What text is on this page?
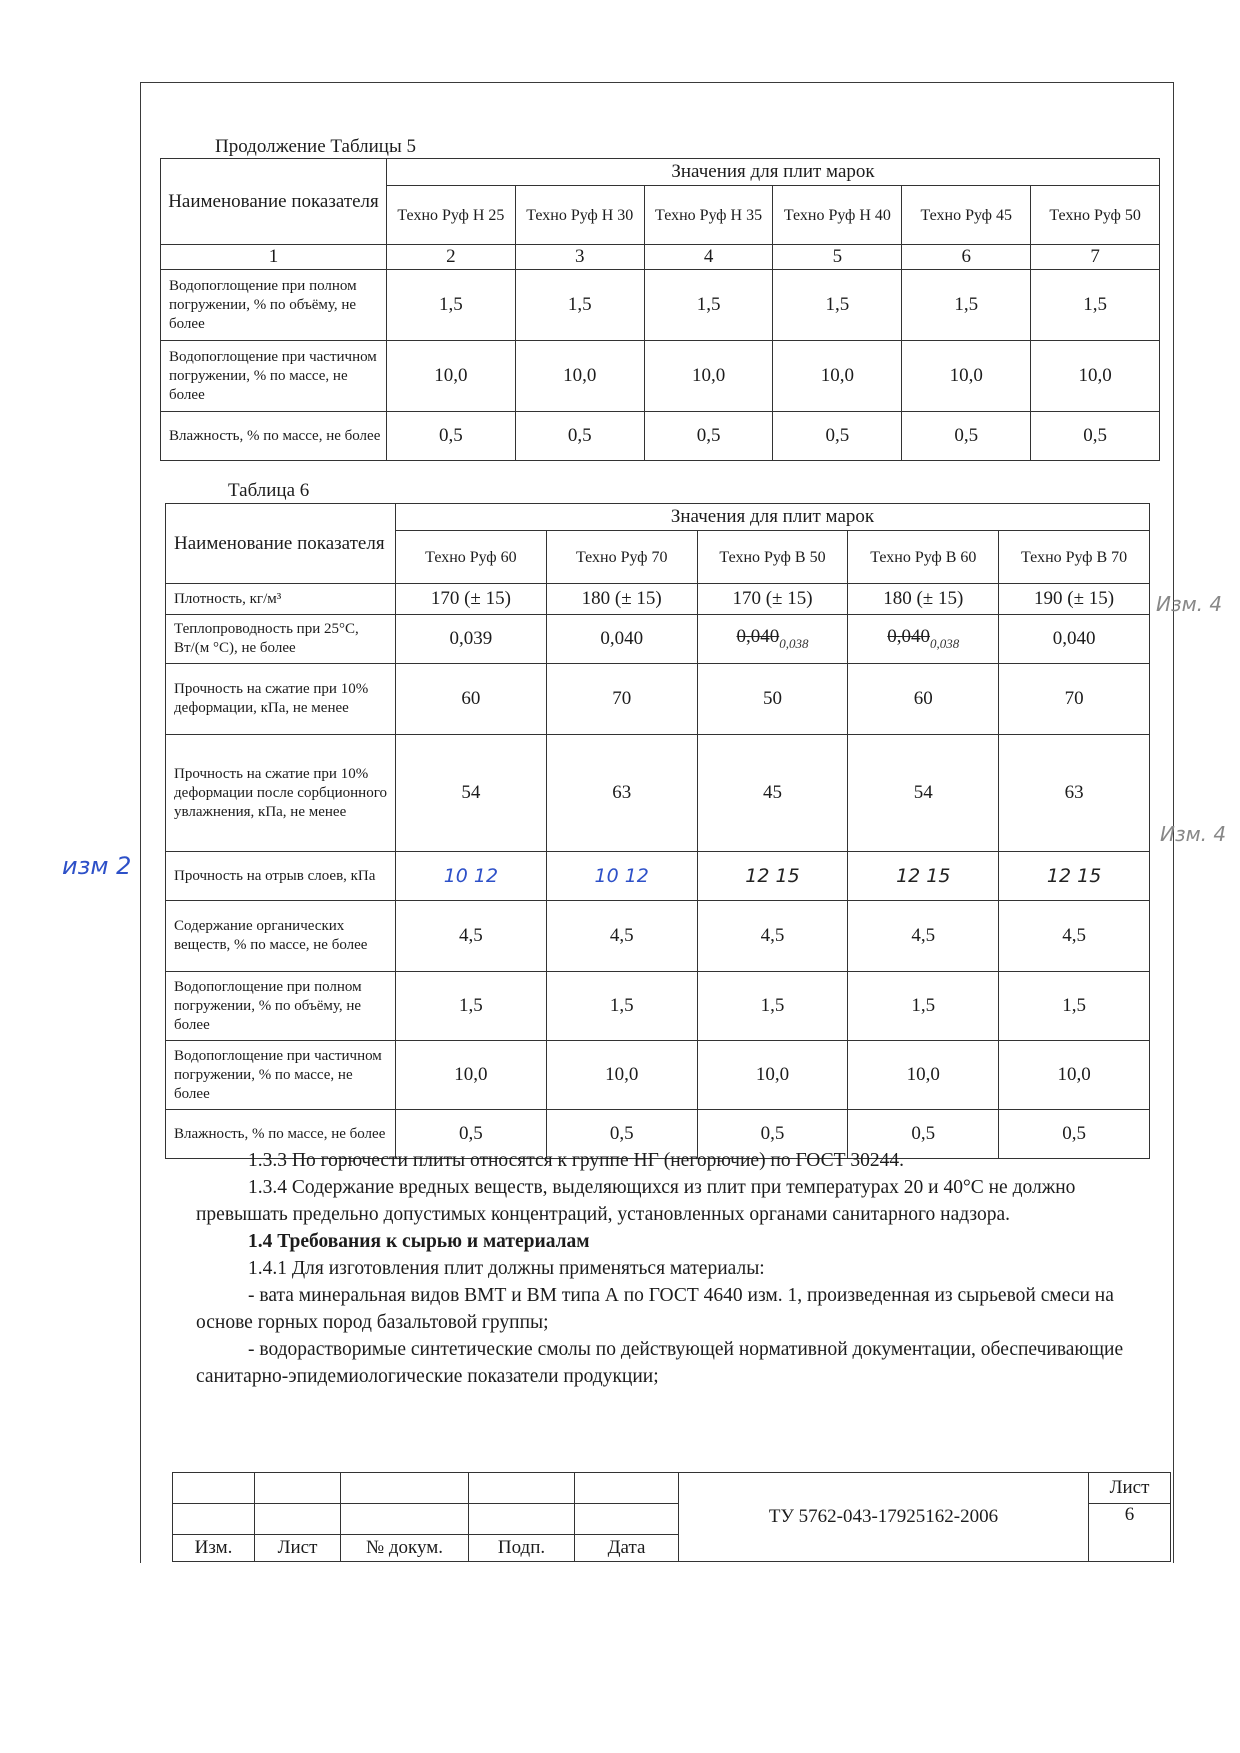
Продолжение Таблицы 5
Наименование показателя	Значения для плит марок					
	Техно Руф Н 25	Техно Руф Н 30	Техно Руф Н 35	Техно Руф Н 40	Техно Руф 45	Техно Руф 50
1	2	3	4	5	6	7
Водопоглощение при полном погружении, % по объёму, не более	1,5	1,5	1,5	1,5	1,5	1,5
Водопоглощение при частичном погружении, % по массе, не более	10,0	10,0	10,0	10,0	10,0	10,0
Влажность, % по массе, не более	0,5	0,5	0,5	0,5	0,5	0,5
Таблица 6
Наименование показателя	Значения для плит марок				
	Техно Руф 60	Техно Руф 70	Техно Руф В 50	Техно Руф В 60	Техно Руф В 70
Плотность, кг/м³	170 (± 15)	180 (± 15)	170 (± 15)	180 (± 15)	190 (± 15)
Теплопроводность при 25°С, Вт/(м °С), не более	0,039	0,040	$0,040_{0,038}$	$0,040_{0,038}$	0,040
Прочность на сжатие при 10% деформации, кПа, не менее	60	70	50	60	70
Прочность на сжатие при 10% деформации после сорбционного увлажнения, кПа, не менее	54	63	45	54	63
Прочность на отрыв слоев, кПа	10 12	10 12	12 15	12 15	12 15
Содержание органических веществ, % по массе, не более	4,5	4,5	4,5	4,5	4,5
Водопоглощение при полном погружении, % по объёму, не более	1,5	1,5	1,5	1,5	1,5
Водопоглощение при частичном погружении, % по массе, не более	10,0	10,0	10,0	10,0	10,0
Влажность, % по массе, не более	0,5	0,5	0,5	0,5	0,5
изм 2
Изм. 4
Изм. 4

1.3.3 По горючести плиты относятся к группе НГ (негорючие) по ГОСТ 30244.

1.3.4 Содержание вредных веществ, выделяющихся из плит при температурах 20 и 40°С не должно превышать предельно допустимых концентраций, установленных органами санитарного надзора.

1.4 Требования к сырью и материалам

1.4.1 Для изготовления плит должны применяться материалы:

- вата минеральная видов ВМТ и ВМ типа А по ГОСТ 4640 изм. 1, произведенная из сырьевой смеси на основе горных пород базальтовой группы;

- водорастворимые синтетические смолы по действующей нормативной документации, обеспечивающие санитарно-эпидемиологические показатели продукции;

					ТУ 5762-043-17925162-2006	Лист
						6
Изм.	Лист	№ докум.	Подп.	Дата		
